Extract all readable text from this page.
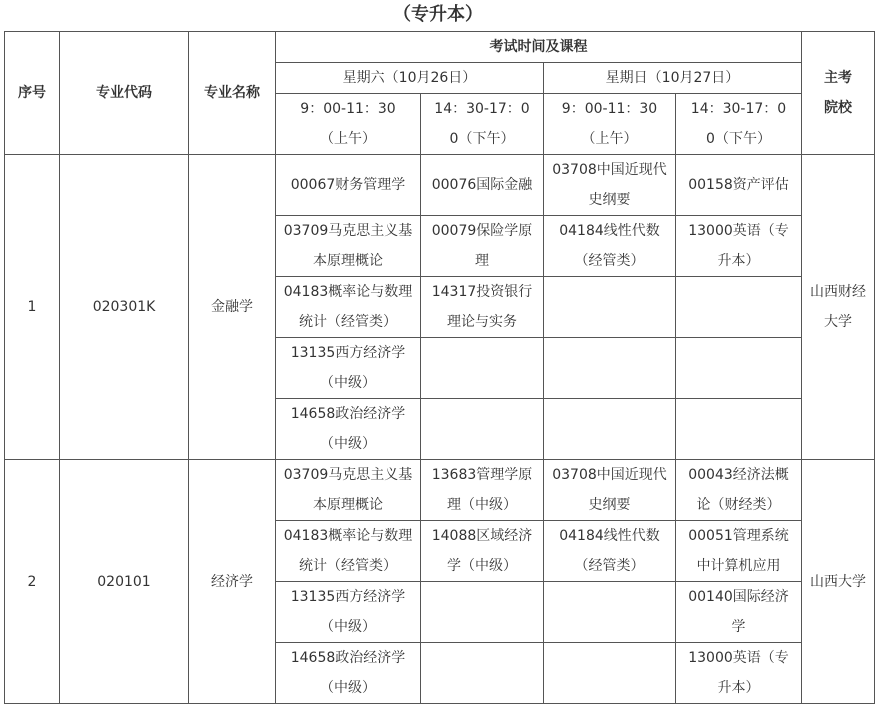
（专升本）
序号	专业代码	专业名称	考试时间及课程				主考院校
			星期六（10月26日）		星期日（10月27日）		
			9：00-11：30（上午）	14：30-17：00（下午）	9：00-11：30（上午）	14：30-17：00（下午）	
1	020301K	金融学	00067财务管理学	00076国际金融	03708中国近现代史纲要	00158资产评估	山西财经大学
			03709马克思主义基本原理概论	00079保险学原理	04184线性代数（经管类）	13000英语（专升本）	
			04183概率论与数理统计（经管类）	14317投资银行理论与实务			
			13135西方经济学（中级）				
			14658政治经济学（中级）				
2	020101	经济学	03709马克思主义基本原理概论	13683管理学原理（中级）	03708中国近现代史纲要	00043经济法概论（财经类）	山西大学
			04183概率论与数理统计（经管类）	14088区域经济学（中级）	04184线性代数（经管类）	00051管理系统中计算机应用	
			13135西方经济学（中级）			00140国际经济学	
			14658政治经济学（中级）			13000英语（专升本）	
